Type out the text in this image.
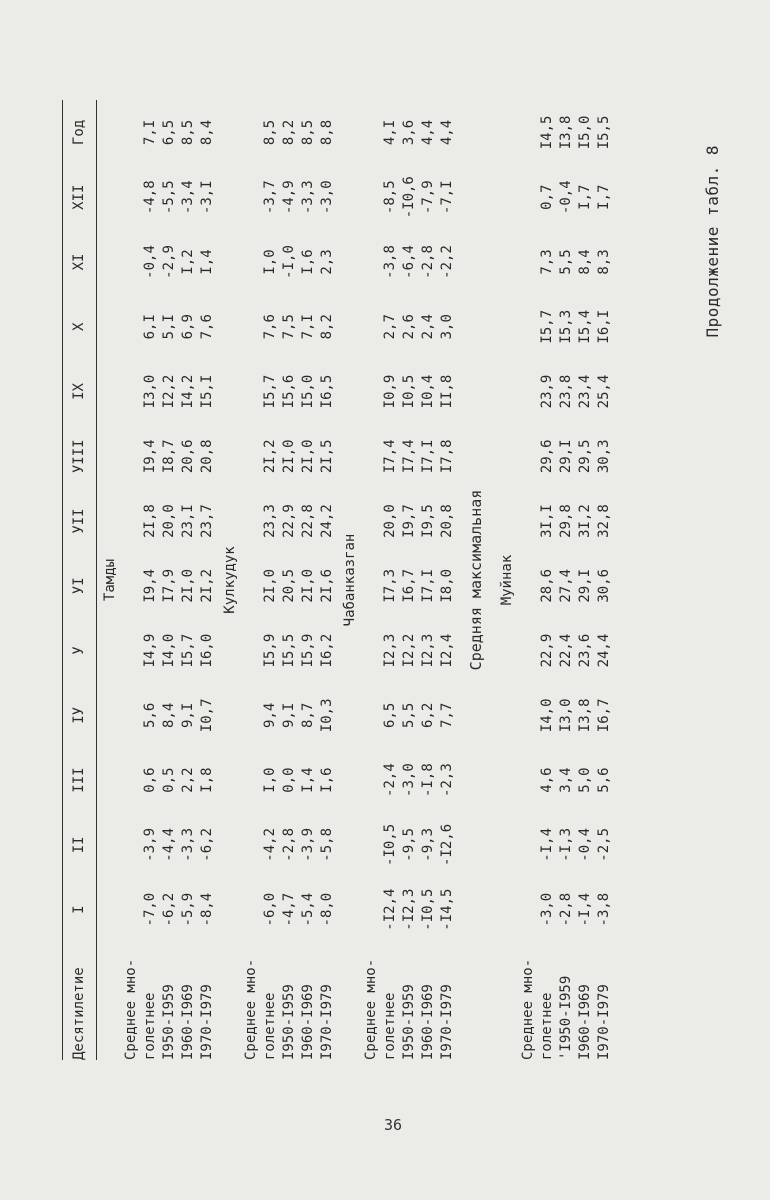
Продолжение табл. 8
Десятилетие	I	II	III	IУ	У	УI	УII	УIII	IX	X	XI	XII	Год
Тамды													
Среднее мно-													
голетнее	-7,0	-3,9	0,6	5,6	I4,9	I9,4	2I,8	I9,4	I3,0	6,I	-0,4	-4,8	7,I
I950-I959	-6,2	-4,4	0,5	8,4	I4,0	I7,9	20,0	I8,7	I2,2	5,I	-2,9	-5,5	6,5
I960-I969	-5,9	-3,3	2,2	9,I	I5,7	2I,0	23,I	20,6	I4,2	6,9	I,2	-3,4	8,5
I970-I979	-8,4	-6,2	I,8	I0,7	I6,0	2I,2	23,7	20,8	I5,I	7,6	I,4	-3,I	8,4
Кулкудук													
Среднее мно-													
голетнее	-6,0	-4,2	I,0	9,4	I5,9	2I,0	23,3	2I,2	I5,7	7,6	I,0	-3,7	8,5
I950-I959	-4,7	-2,8	0,0	9,I	I5,5	20,5	22,9	2I,0	I5,6	7,5	-I,0	-4,9	8,2
I960-I969	-5,4	-3,9	I,4	8,7	I5,9	2I,0	22,8	2I,0	I5,0	7,I	I,6	-3,3	8,5
I970-I979	-8,0	-5,8	I,6	I0,3	I6,2	2I,6	24,2	2I,5	I6,5	8,2	2,3	-3,0	8,8
Чабанказган													
Среднее мно-													
голетнее	-I2,4	-I0,5	-2,4	6,5	I2,3	I7,3	20,0	I7,4	I0,9	2,7	-3,8	-8,5	4,I
I950-I959	-I2,3	-9,5	-3,0	5,5	I2,2	I6,7	I9,7	I7,4	I0,5	2,6	-6,4	-I0,6	3,6
I960-I969	-I0,5	-9,3	-I,8	6,2	I2,3	I7,I	I9,5	I7,I	I0,4	2,4	-2,8	-7,9	4,4
I970-I979	-I4,5	-I2,6	-2,3	7,7	I2,4	I8,0	20,8	I7,8	II,8	3,0	-2,2	-7,I	4,4
Средняя максимальная													
Муйнак													
Среднее мно-													
голетнее	-3,0	-I,4	4,6	I4,0	22,9	28,6	3I,I	29,6	23,9	I5,7	7,3	0,7	I4,5
'I950-I959	-2,8	-I,3	3,4	I3,0	22,4	27,4	29,8	29,I	23,8	I5,3	5,5	-0,4	I3,8
I960-I969	-I,4	-0,4	5,0	I3,8	23,6	29,I	3I,2	29,5	23,4	I5,4	8,4	I,7	I5,0
I970-I979	-3,8	-2,5	5,6	I6,7	24,4	30,6	32,8	30,3	25,4	I6,I	8,3	I,7	I5,5
36
